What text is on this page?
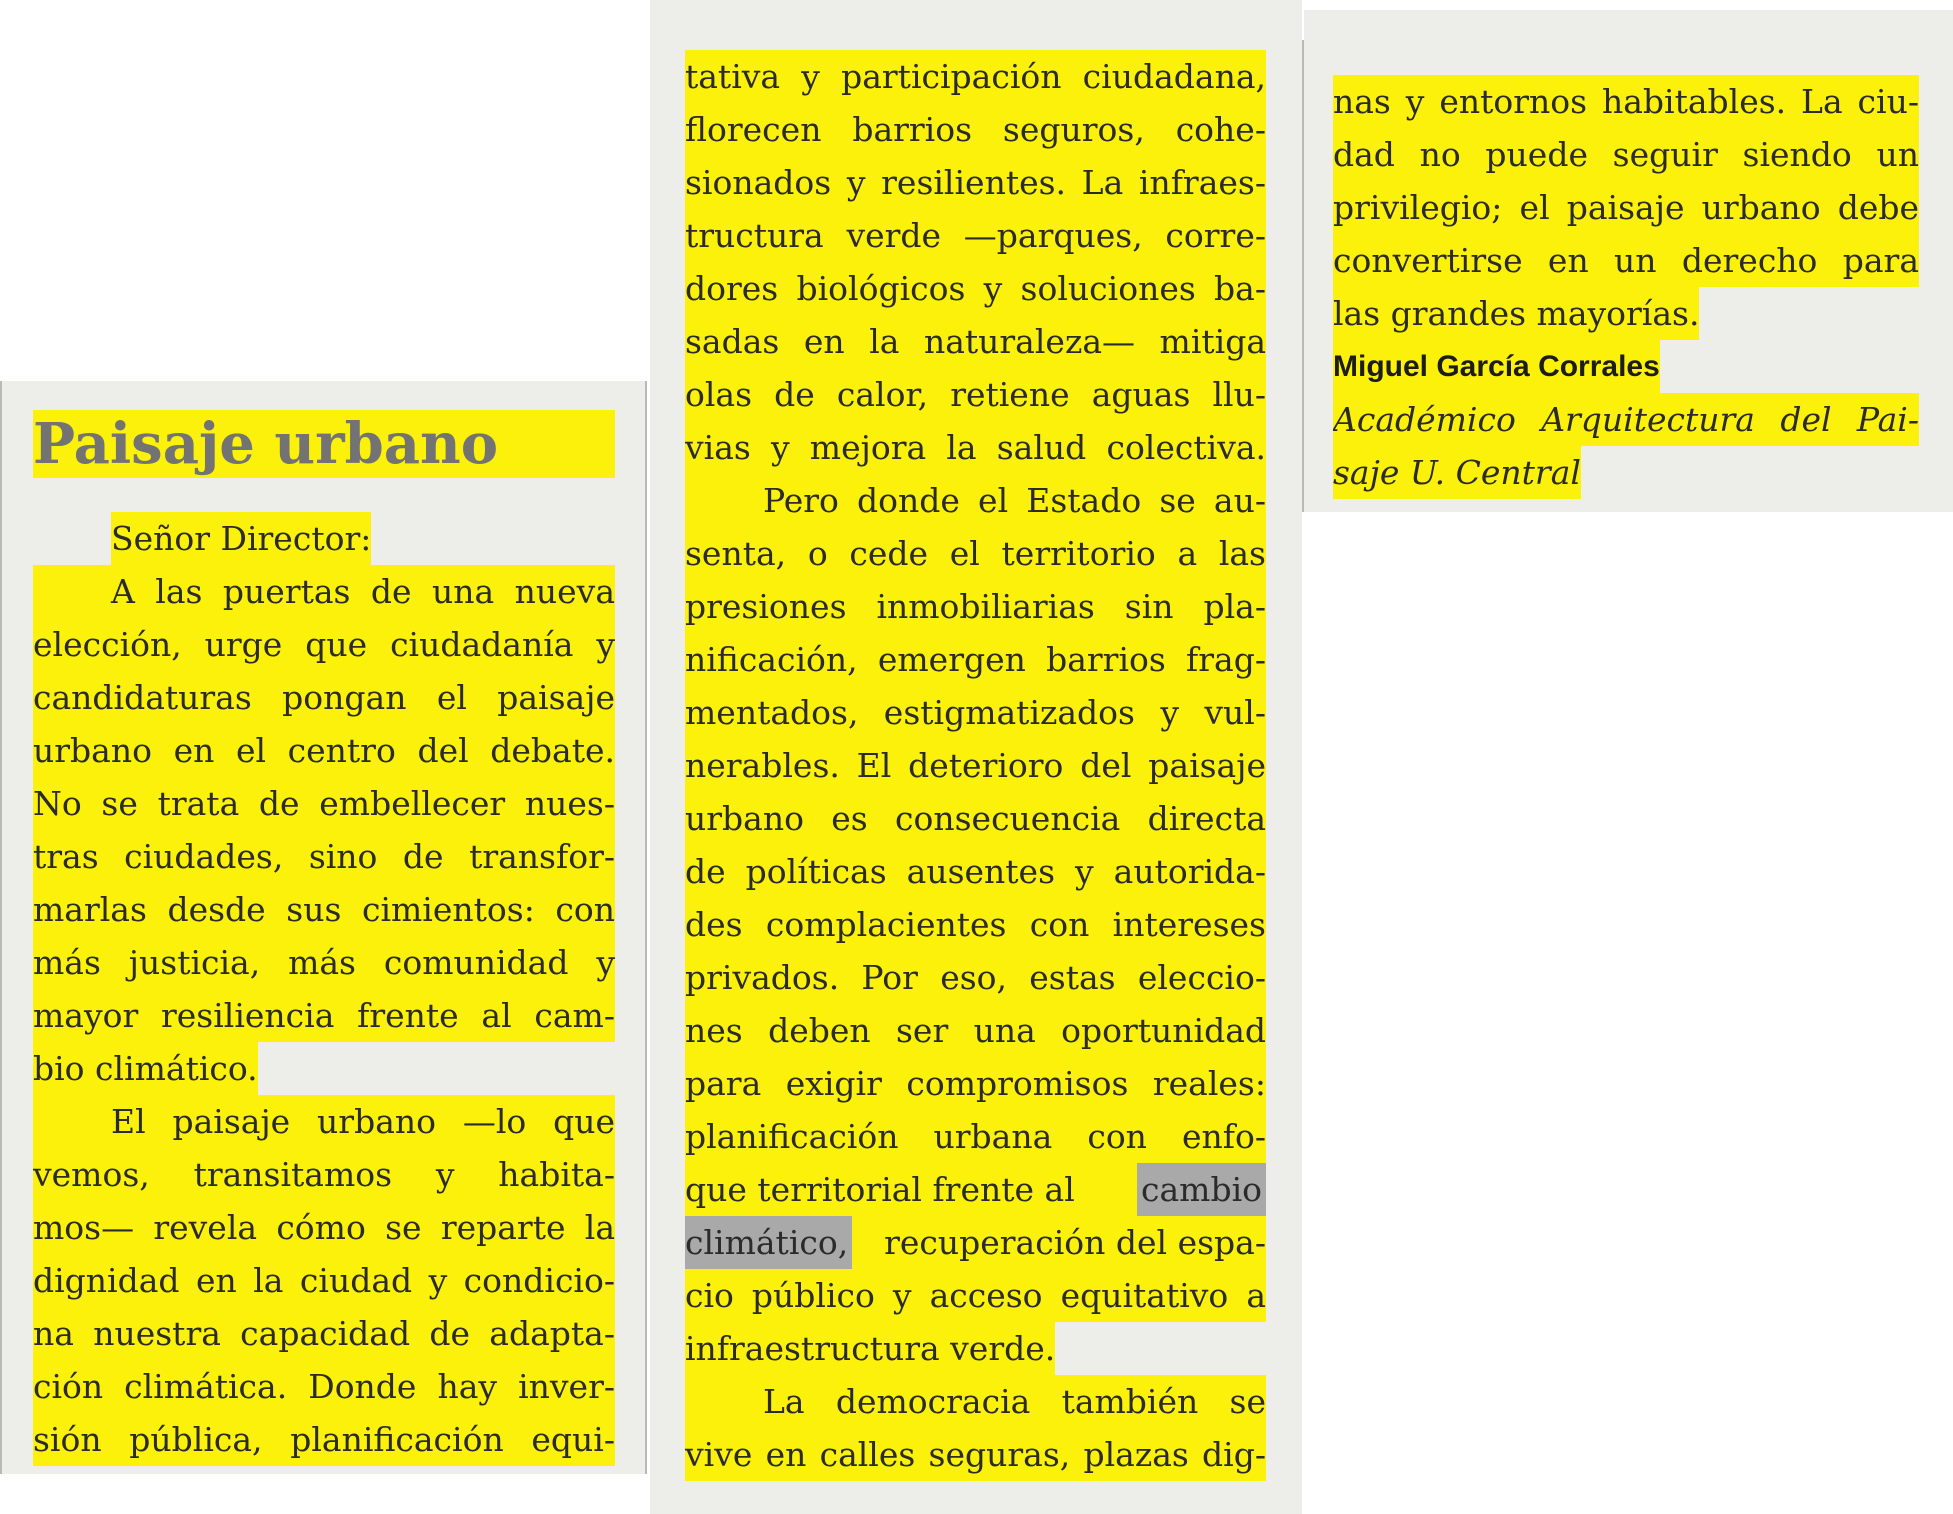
Paisaje urbano
Señor Director:
A las puertas de una nueva
elección, urge que ciudadanía y
candidaturas pongan el paisaje
urbano en el centro del debate.
No se trata de embellecer nues-
tras ciudades, sino de transfor-
marlas desde sus cimientos: con
más justicia, más comunidad y
mayor resiliencia frente al cam-
bio climático.
El paisaje urbano —lo que
vemos, transitamos y habita-
mos— revela cómo se reparte la
dignidad en la ciudad y condicio-
na nuestra capacidad de adapta-
ción climática. Donde hay inver-
sión pública, planificación equi-
tativa y participación ciudadana,
florecen barrios seguros, cohe-
sionados y resilientes. La infraes-
tructura verde —parques, corre-
dores biológicos y soluciones ba-
sadas en la naturaleza— mitiga
olas de calor, retiene aguas llu-
vias y mejora la salud colectiva.
Pero donde el Estado se au-
senta, o cede el territorio a las
presiones inmobiliarias sin pla-
nificación, emergen barrios frag-
mentados, estigmatizados y vul-
nerables. El deterioro del paisaje
urbano es consecuencia directa
de políticas ausentes y autorida-
des complacientes con intereses
privados. Por eso, estas eleccio-
nes deben ser una oportunidad
para exigir compromisos reales:
planificación urbana con enfo-
que territorial frente al cambio
climático, recuperación del espa-
cio público y acceso equitativo a
infraestructura verde.
La democracia también se
vive en calles seguras, plazas dig-
nas y entornos habitables. La ciu-
dad no puede seguir siendo un
privilegio; el paisaje urbano debe
convertirse en un derecho para
las grandes mayorías.
Miguel García Corrales
Académico Arquitectura del Pai-
saje U. Central
